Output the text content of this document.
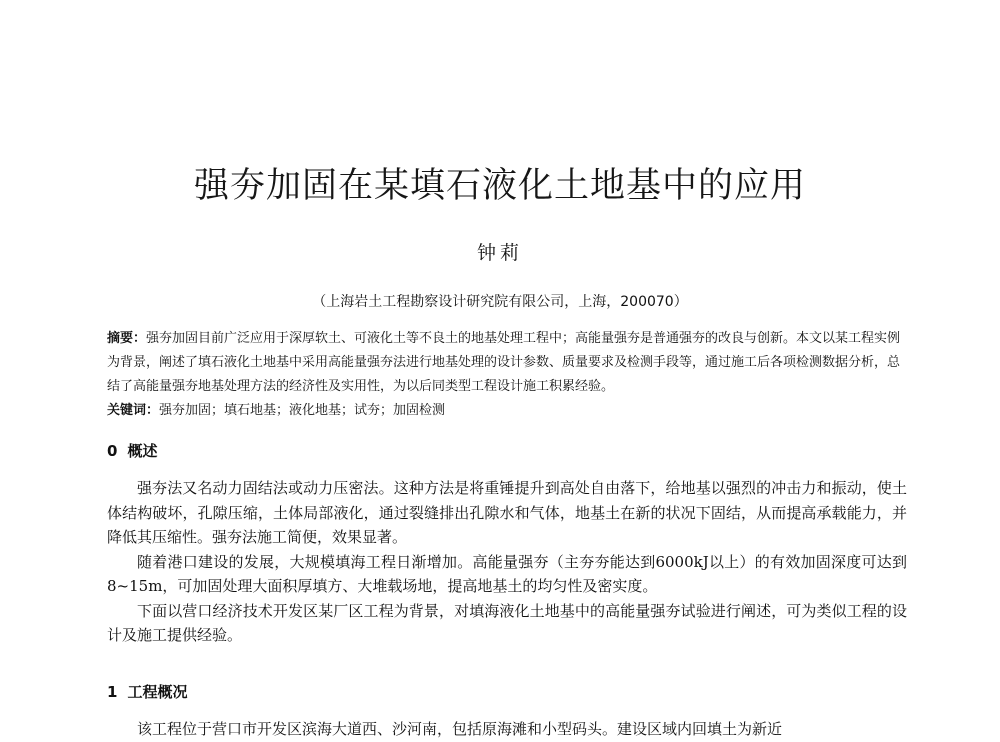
强夯加固在某填石液化土地基中的应用
钟莉
（上海岩土工程勘察设计研究院有限公司，上海，200070）

摘要：强夯加固目前广泛应用于深厚软土、可液化土等不良土的地基处理工程中；高能量强夯是普通强夯的改良与创新。本文以某工程实例为背景，阐述了填石液化土地基中采用高能量强夯法进行地基处理的设计参数、质量要求及检测手段等，通过施工后各项检测数据分析，总结了高能量强夯地基处理方法的经济性及实用性，为以后同类型工程设计施工积累经验。

关键词：强夯加固；填石地基；液化地基；试夯；加固检测

0 概述

强夯法又名动力固结法或动力压密法。这种方法是将重锤提升到高处自由落下，给地基以强烈的冲击力和振动，使土体结构破坏，孔隙压缩，土体局部液化，通过裂缝排出孔隙水和气体，地基土在新的状况下固结，从而提高承载能力，并降低其压缩性。强夯法施工简便，效果显著。

随着港口建设的发展，大规模填海工程日渐增加。高能量强夯（主夯夯能达到6000kJ以上）的有效加固深度可达到8~15m，可加固处理大面积厚填方、大堆载场地，提高地基土的均匀性及密实度。

下面以营口经济技术开发区某厂区工程为背景，对填海液化土地基中的高能量强夯试验进行阐述，可为类似工程的设计及施工提供经验。

1 工程概况
该工程位于营口市开发区滨海大道西、沙河南，包括原海滩和小型码头。建设区域内回填土为新近
